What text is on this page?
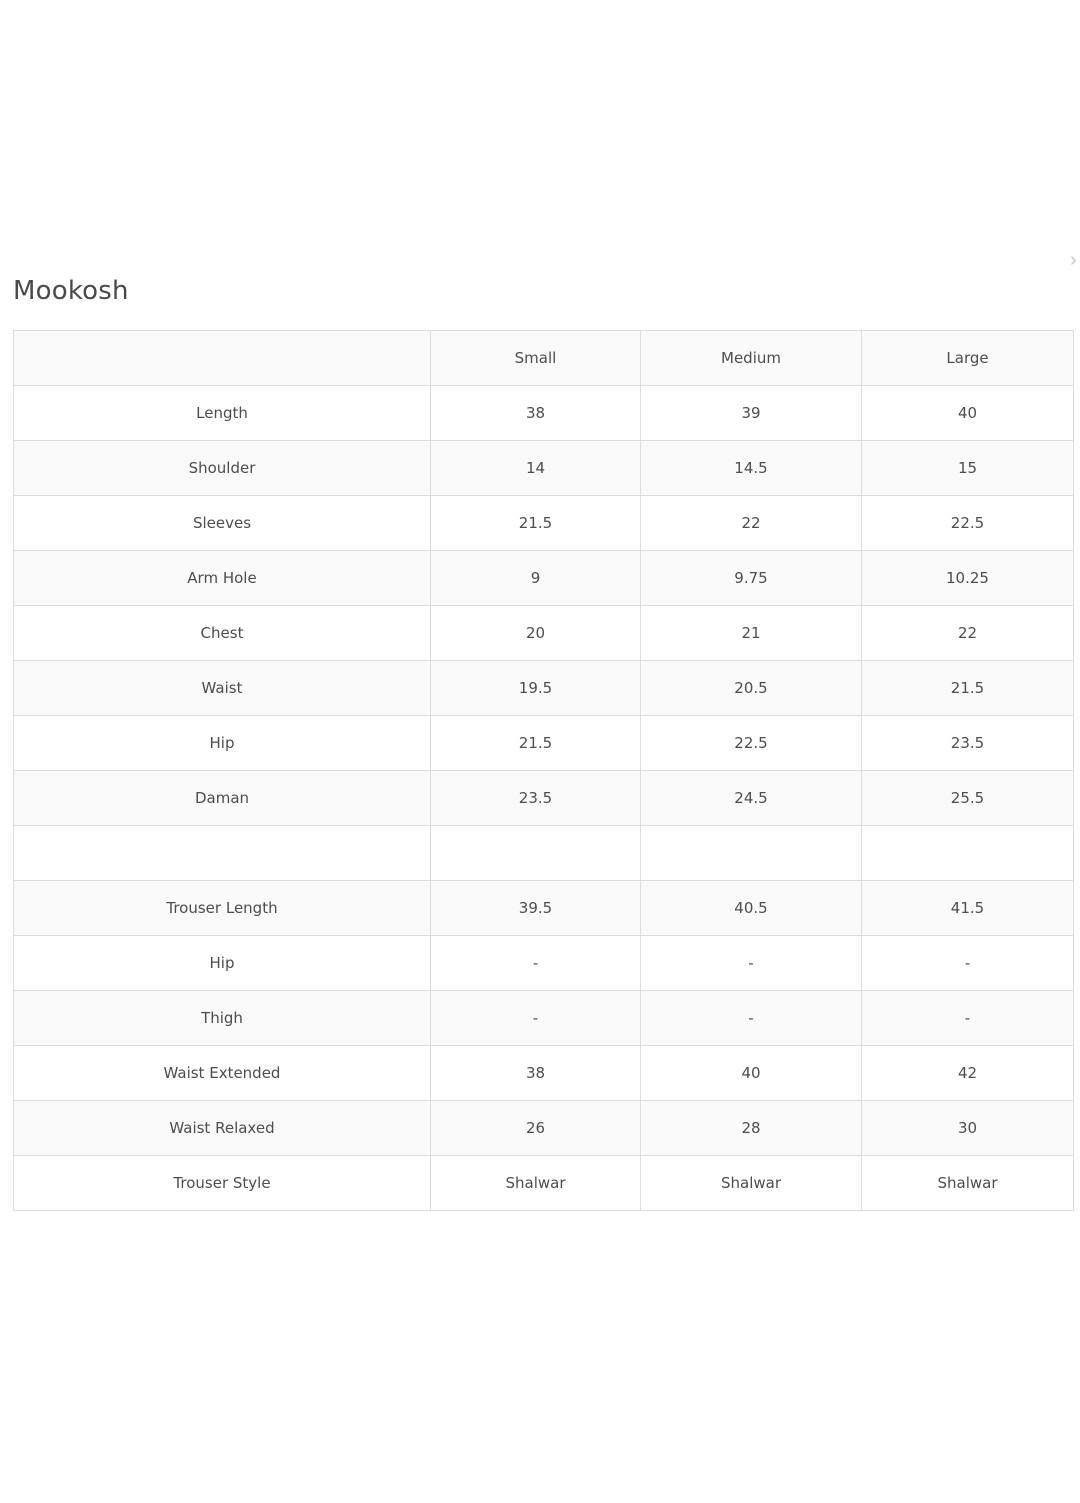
Mookosh
›
	Small	Medium	Large
Length	38	39	40
Shoulder	14	14.5	15
Sleeves	21.5	22	22.5
Arm Hole	9	9.75	10.25
Chest	20	21	22
Waist	19.5	20.5	21.5
Hip	21.5	22.5	23.5
Daman	23.5	24.5	25.5

Trouser Length	39.5	40.5	41.5
Hip	-	-	-
Thigh	-	-	-
Waist Extended	38	40	42
Waist Relaxed	26	28	30
Trouser Style	Shalwar	Shalwar	Shalwar
